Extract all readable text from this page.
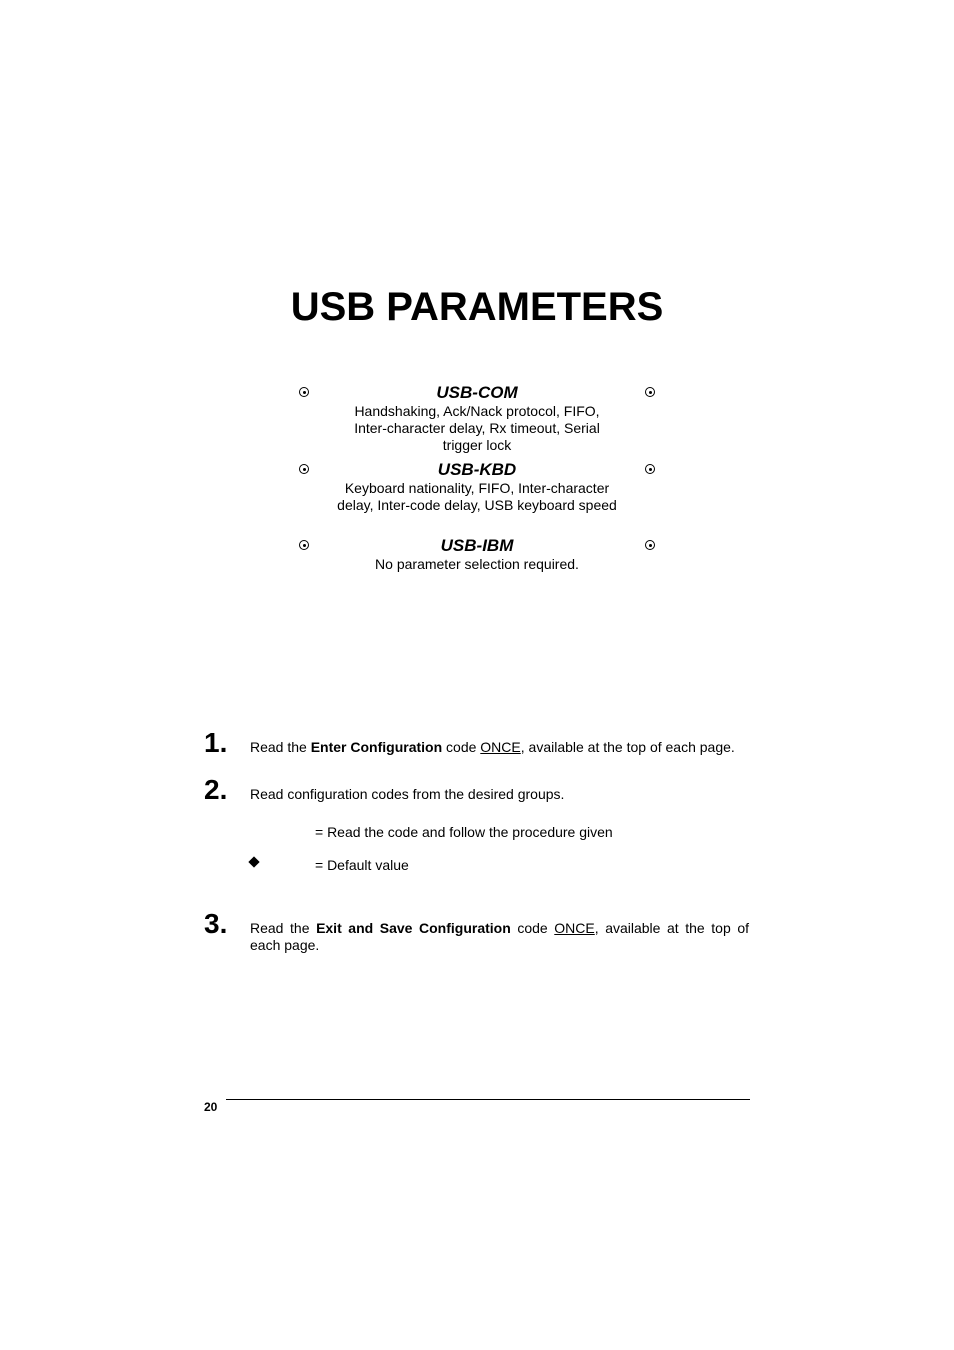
USB PARAMETERS
USB-COM
Handshaking, Ack/Nack protocol, FIFO, Inter-character delay, Rx timeout, Serial trigger lock
USB-KBD
Keyboard nationality, FIFO, Inter-character delay, Inter-code delay, USB keyboard speed
USB-IBM
No parameter selection required.
1. Read the Enter Configuration code ONCE, available at the top of each page.
2. Read configuration codes from the desired groups.
= Read the code and follow the procedure given
= Default value
3. Read the Exit and Save Configuration code ONCE, available at the top of each page.
20
